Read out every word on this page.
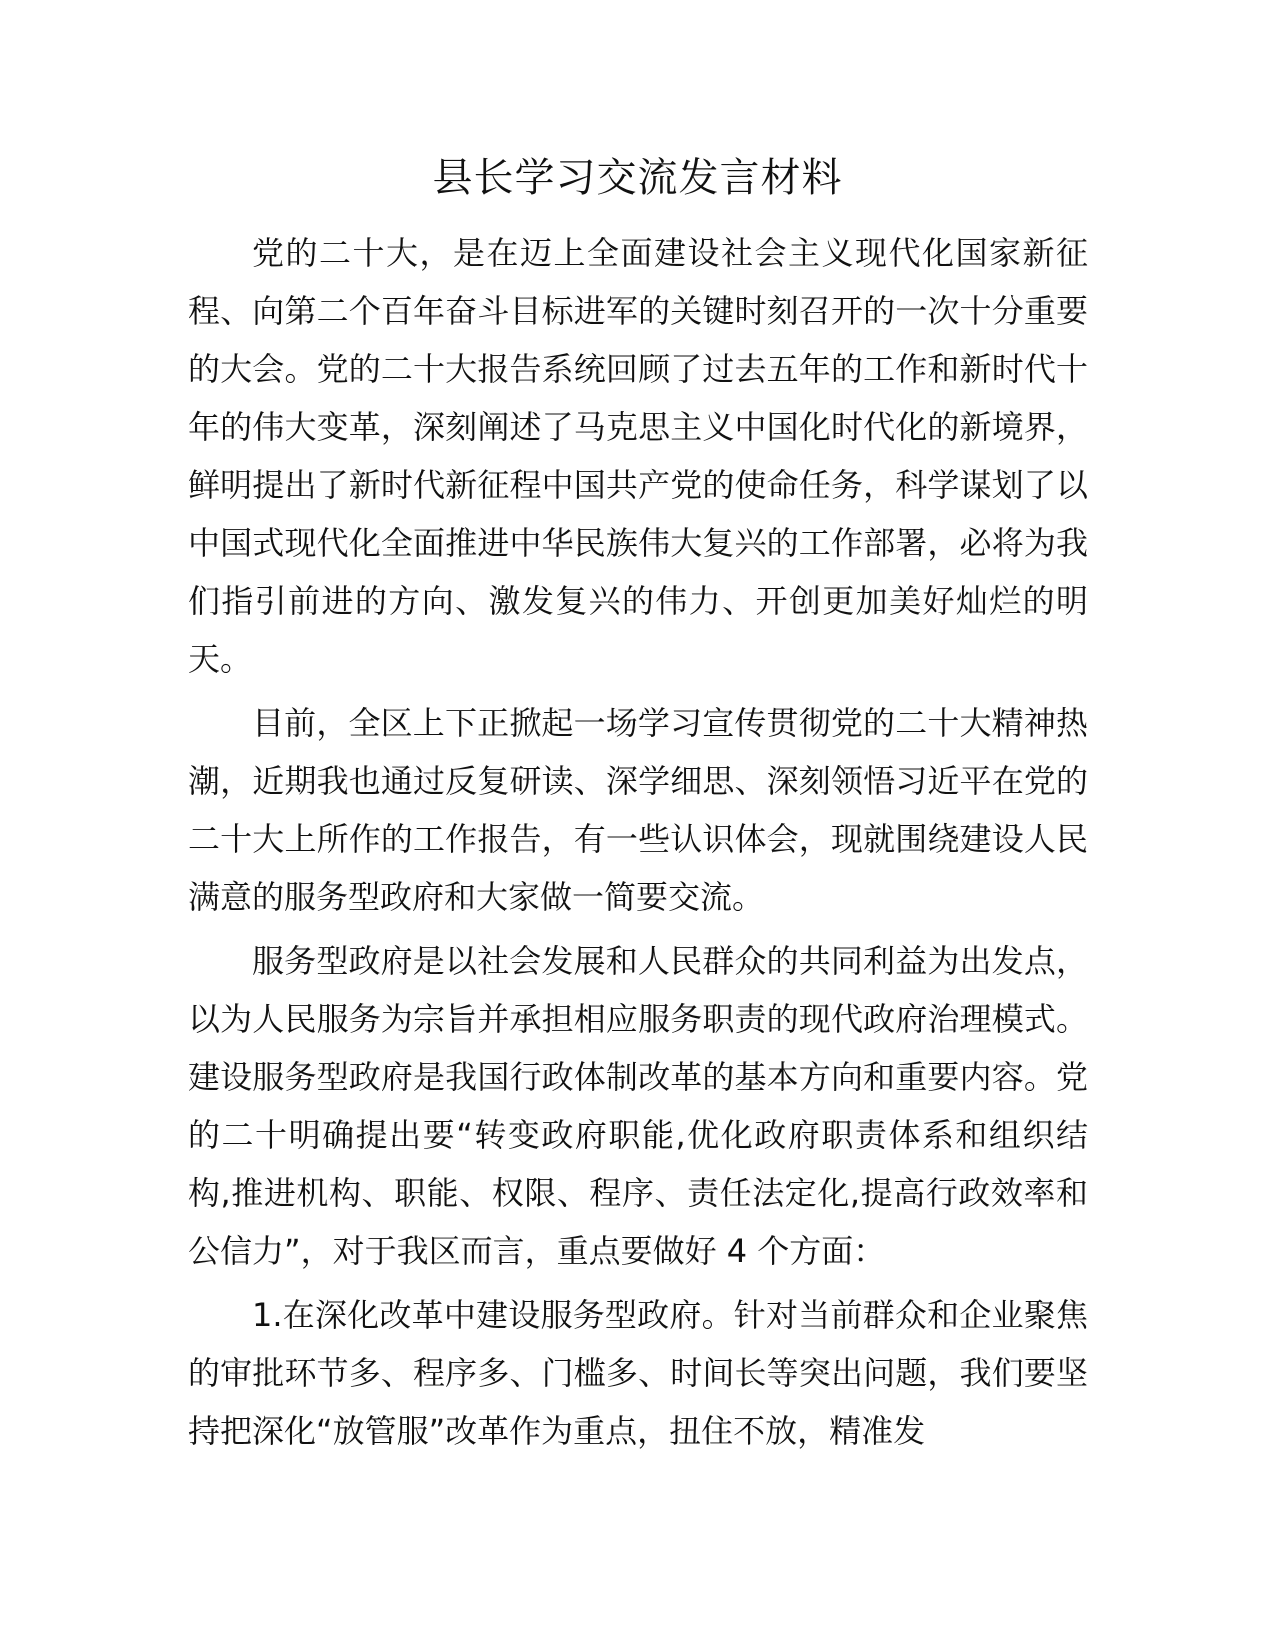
县长学习交流发言材料

党的二十大，是在迈上全面建设社会主义现代化国家新征程、向第二个百年奋斗目标进军的关键时刻召开的一次十分重要的大会。党的二十大报告系统回顾了过去五年的工作和新时代十年的伟大变革，深刻阐述了马克思主义中国化时代化的新境界，鲜明提出了新时代新征程中国共产党的使命任务，科学谋划了以中国式现代化全面推进中华民族伟大复兴的工作部署，必将为我们指引前进的方向、激发复兴的伟力、开创更加美好灿烂的明天。

目前，全区上下正掀起一场学习宣传贯彻党的二十大精神热潮，近期我也通过反复研读、深学细思、深刻领悟习近平在党的二十大上所作的工作报告，有一些认识体会，现就围绕建设人民满意的服务型政府和大家做一简要交流。

服务型政府是以社会发展和人民群众的共同利益为出发点，以为人民服务为宗旨并承担相应服务职责的现代政府治理模式。建设服务型政府是我国行政体制改革的基本方向和重要内容。党的二十明确提出要“转变政府职能,优化政府职责体系和组织结构,推进机构、职能、权限、程序、责任法定化,提高行政效率和公信力”，对于我区而言，重点要做好 4 个方面：

1.在深化改革中建设服务型政府。针对当前群众和企业聚焦的审批环节多、程序多、门槛多、时间长等突出问题，我们要坚持把深化“放管服”改革作为重点，扭住不放，精准发
